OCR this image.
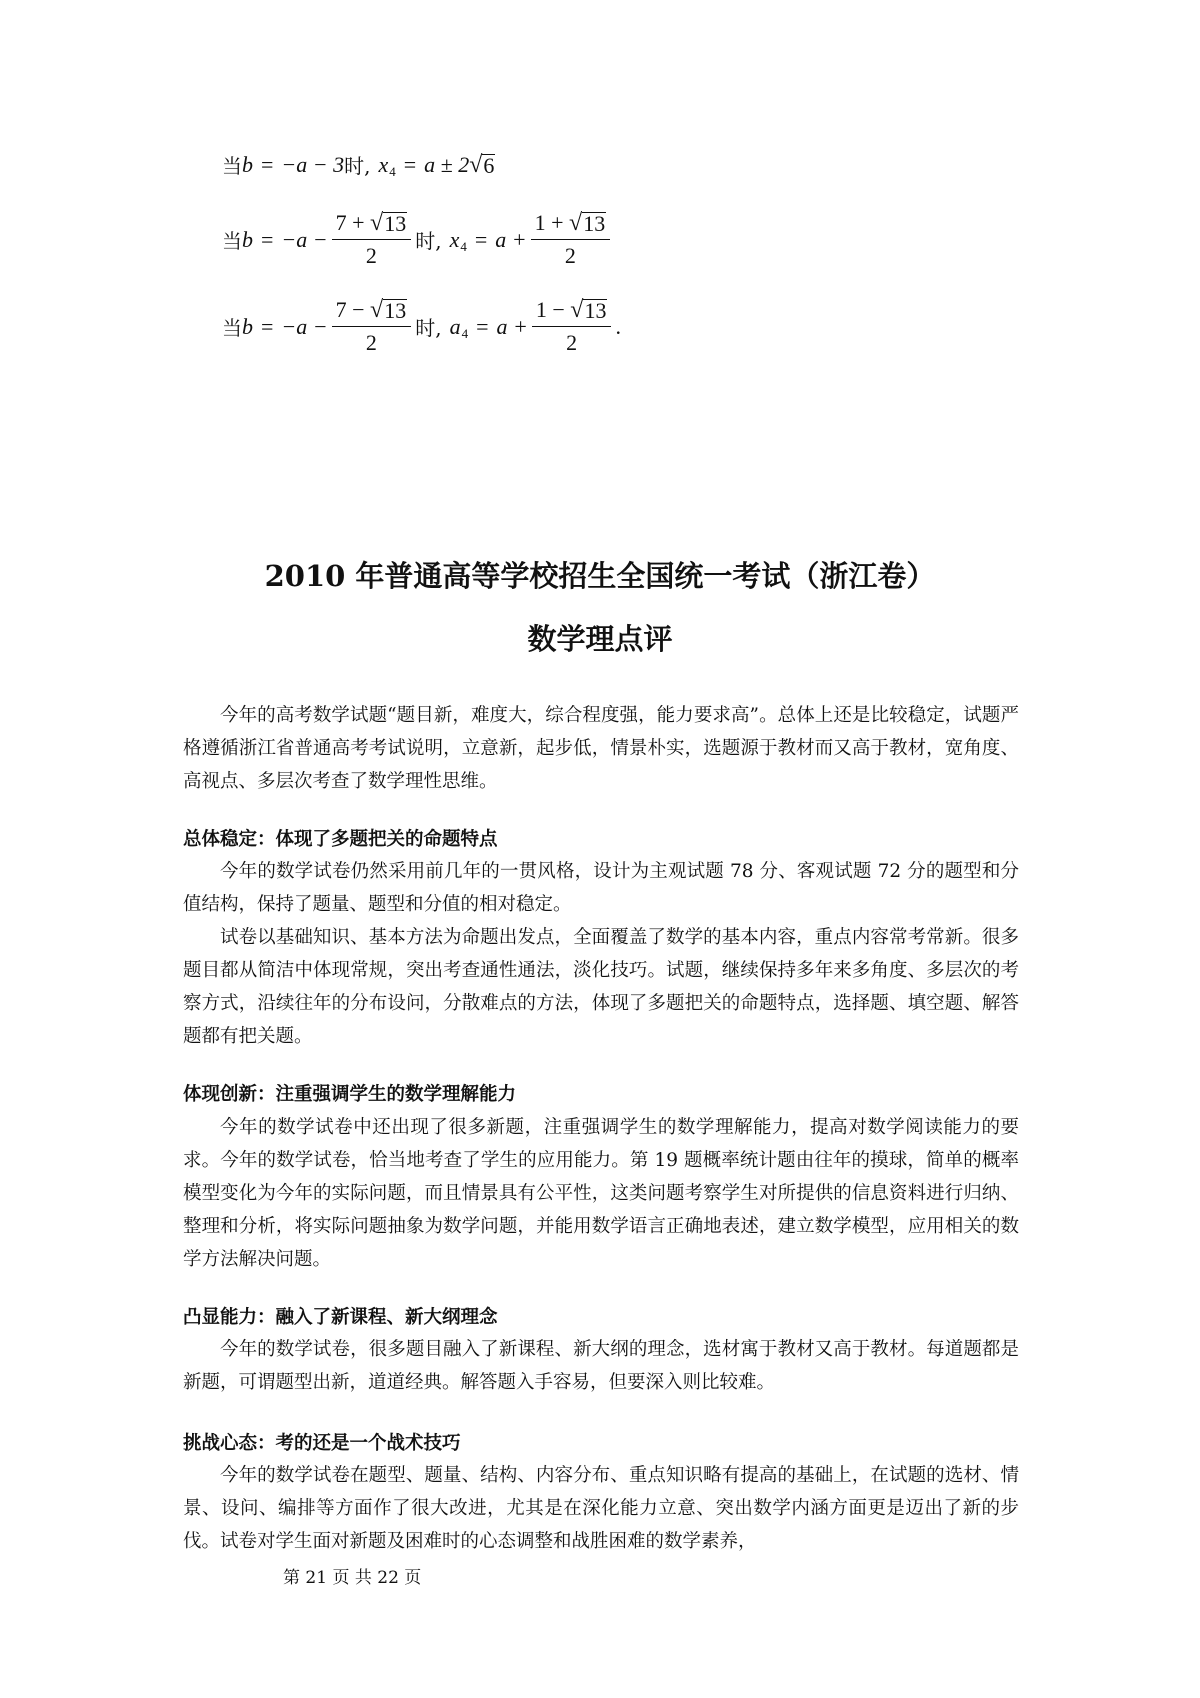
当 b = −a − 3 时, x 4 = a ± 2 √ 6
当 $b = -a - \frac{7 + √ 13}{2}$ 时, x $4 = a + \frac{1 + √ 13}{2}$
当 $b = -a - \frac{7 - √ 13}{2}$ 时, a $4 = a + \frac{1 - √ 13}{2}$ .
2010 年普通高等学校招生全国统一考试（浙江卷）
数学理点评
今年的高考数学试题“题目新，难度大，综合程度强，能力要求高”。总体上还是比较稳定，试题严格遵循浙江省普通高考考试说明，立意新，起步低，情景朴实，选题源于教材而又高于教材，宽角度、高视点、多层次考查了数学理性思维。
总体稳定：体现了多题把关的命题特点
今年的数学试卷仍然采用前几年的一贯风格，设计为主观试题 78 分、客观试题 72 分的题型和分值结构，保持了题量、题型和分值的相对稳定。
试卷以基础知识、基本方法为命题出发点，全面覆盖了数学的基本内容，重点内容常考常新。很多题目都从简洁中体现常规，突出考查通性通法，淡化技巧。试题，继续保持多年来多角度、多层次的考察方式，沿续往年的分布设问，分散难点的方法，体现了多题把关的命题特点，选择题、填空题、解答题都有把关题。
体现创新：注重强调学生的数学理解能力
今年的数学试卷中还出现了很多新题，注重强调学生的数学理解能力，提高对数学阅读能力的要求。今年的数学试卷，恰当地考查了学生的应用能力。第 19 题概率统计题由往年的摸球，简单的概率模型变化为今年的实际问题，而且情景具有公平性，这类问题考察学生对所提供的信息资料进行归纳、整理和分析，将实际问题抽象为数学问题，并能用数学语言正确地表述，建立数学模型，应用相关的数学方法解决问题。
凸显能力：融入了新课程、新大纲理念
今年的数学试卷，很多题目融入了新课程、新大纲的理念，选材寓于教材又高于教材。每道题都是新题，可谓题型出新，道道经典。解答题入手容易，但要深入则比较难。
挑战心态：考的还是一个战术技巧
今年的数学试卷在题型、题量、结构、内容分布、重点知识略有提高的基础上，在试题的选材、情景、设问、编排等方面作了很大改进，尤其是在深化能力立意、突出数学内涵方面更是迈出了新的步伐。试卷对学生面对新题及困难时的心态调整和战胜困难的数学素养，
第 21 页 共 22 页
